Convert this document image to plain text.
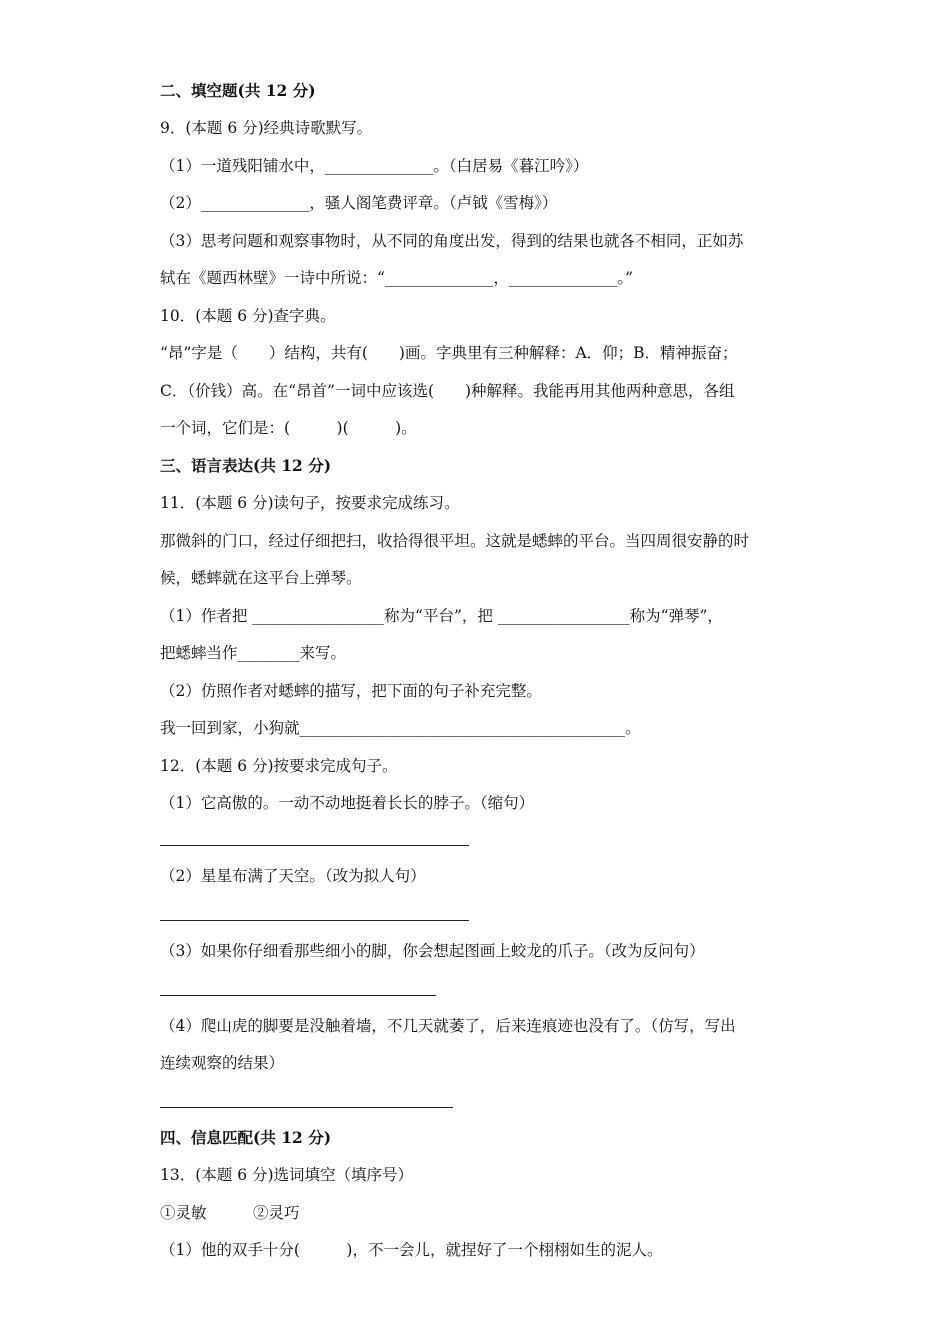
二、填空题(共 12 分)
9．(本题 6 分)经典诗歌默写。
（1）一道残阳铺水中，______________。（白居易《暮江吟》）
（2）______________，骚人阁笔费评章。（卢钺《雪梅》）
（3）思考问题和观察事物时，从不同的角度出发，得到的结果也就各不相同，正如苏
轼在《题西林壁》一诗中所说：“______________，______________。”
10．(本题 6 分)查字典。
“昂”字是（　　）结构，共有(　　)画。字典里有三种解释：A．仰；B．精神振奋；
C．（价钱）高。在“昂首”一词中应该选(　　)种解释。我能再用其他两种意思，各组
一个词，它们是：(　　　)(　　　)。
三、语言表达(共 12 分)
11．(本题 6 分)读句子，按要求完成练习。
那微斜的门口，经过仔细把扫，收拾得很平坦。这就是蟋蟀的平台。当四周很安静的时
候，蟋蟀就在这平台上弹琴。
（1）作者把 _________________称为“平台”，把 _________________称为“弹琴”，
把蟋蟀当作________来写。
（2）仿照作者对蟋蟀的描写，把下面的句子补充完整。
我一回到家，小狗就__________________________________________。
12．(本题 6 分)按要求完成句子。
（1）它高傲的。一动不动地挺着长长的脖子。（缩句）
（2）星星布满了天空。（改为拟人句）
（3）如果你仔细看那些细小的脚，你会想起图画上蛟龙的爪子。（改为反问句）
（4）爬山虎的脚要是没触着墙，不几天就萎了，后来连痕迹也没有了。（仿写，写出
连续观察的结果）
四、信息匹配(共 12 分)
13．(本题 6 分)选词填空（填序号）
①灵敏　　　②灵巧
（1）他的双手十分(　　　)，不一会儿，就捏好了一个栩栩如生的泥人。
